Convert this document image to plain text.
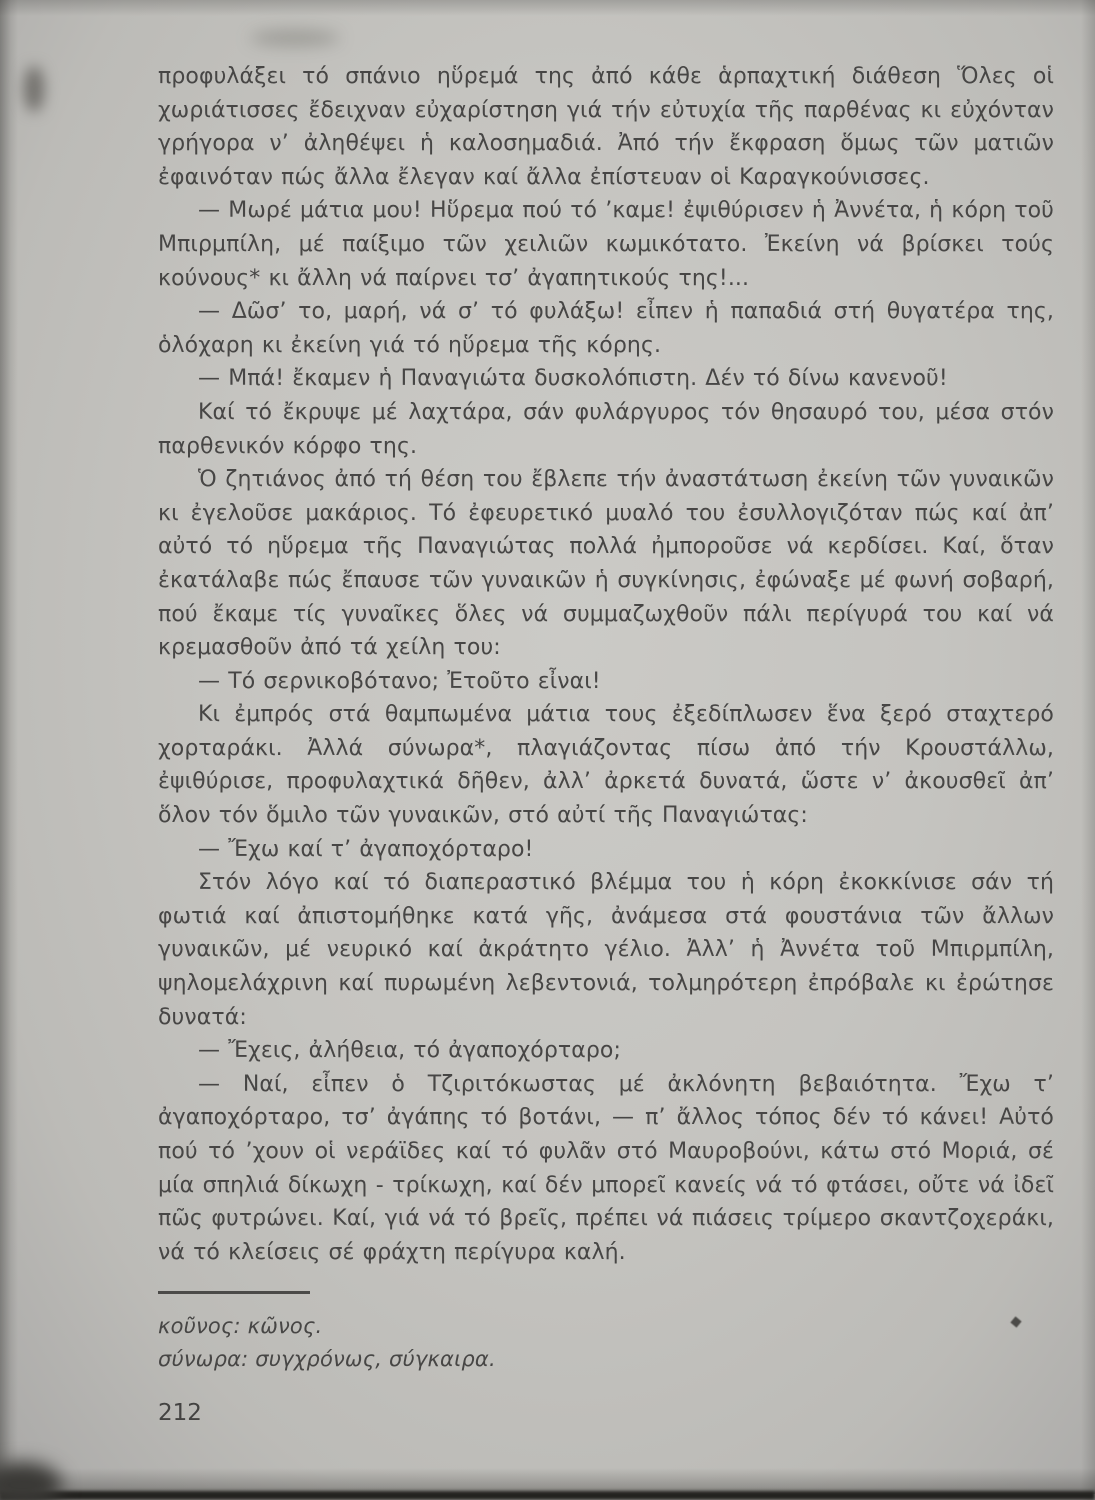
προφυλάξει τό σπάνιο ηὕρεμά της ἀπό κάθε ἁρπαχτική διάθεση Ὅλες οἱ χωριάτισσες ἔδειχναν εὐχαρίστηση γιά τήν εὐτυχία τῆς παρθένας κι εὐχόνταν γρήγορα ν’ ἀληθέψει ἡ καλοσημαδιά. Ἀπό τήν ἔκφραση ὅμως τῶν ματιῶν ἐφαινόταν πώς ἄλλα ἔλεγαν καί ἄλλα ἐπίστευαν οἱ Καραγκούνισσες.

— Μωρέ μάτια μου! Ηὕρεμα πού τό ’καμε! ἐψιθύρισεν ἡ Ἀννέτα, ἡ κόρη τοῦ Μπιρμπίλη, μέ παίξιμο τῶν χειλιῶν κωμικότατο. Ἐκείνη νά βρίσκει τούς κούνους* κι ἄλλη νά παίρνει τσ’ ἀγαπητικούς της!...

— Δῶσ’ το, μαρή, νά σ’ τό φυλάξω! εἶπεν ἡ παπαδιά στή θυγατέρα της, ὁλόχαρη κι ἐκείνη γιά τό ηὕρεμα τῆς κόρης.

— Μπά! ἔκαμεν ἡ Παναγιώτα δυσκολόπιστη. Δέν τό δίνω κανενοῦ!

Καί τό ἔκρυψε μέ λαχτάρα, σάν φυλάργυρος τόν θησαυρό του, μέσα στόν παρθενικόν κόρφο της.

Ὁ ζητιάνος ἀπό τή θέση του ἔβλεπε τήν ἀναστάτωση ἐκείνη τῶν γυναικῶν κι ἐγελοῦσε μακάριος. Τό ἐφευρετικό μυαλό του ἐσυλλογιζόταν πώς καί ἀπ’ αὐτό τό ηὕρεμα τῆς Παναγιώτας πολλά ἠμποροῦσε νά κερδίσει. Καί, ὅταν ἐκατάλαβε πώς ἔπαυσε τῶν γυναικῶν ἡ συγκίνησις, ἐφώναξε μέ φωνή σοβαρή, πού ἔκαμε τίς γυναῖκες ὅλες νά συμμαζωχθοῦν πάλι περίγυρά του καί νά κρεμασθοῦν ἀπό τά χείλη του:

— Τό σερνικοβότανο; Ἐτοῦτο εἶναι!

Κι ἐμπρός στά θαμπωμένα μάτια τους ἐξεδίπλωσεν ἕνα ξερό σταχτερό χορταράκι. Ἀλλά σύνωρα*, πλαγιάζοντας πίσω ἀπό τήν Κρουστάλλω, ἐψιθύρισε, προφυλαχτικά δῆθεν, ἀλλ’ ἀρκετά δυνατά, ὥστε ν’ ἀκουσθεῖ ἀπ’ ὅλον τόν ὅμιλο τῶν γυναικῶν, στό αὐτί τῆς Παναγιώτας:

— Ἔχω καί τ’ ἀγαποχόρταρο!

Στόν λόγο καί τό διαπεραστικό βλέμμα του ἡ κόρη ἐκοκκίνισε σάν τή φωτιά καί ἀπιστομήθηκε κατά γῆς, ἀνάμεσα στά φουστάνια τῶν ἄλλων γυναικῶν, μέ νευρικό καί ἀκράτητο γέλιο. Ἀλλ’ ἡ Ἀννέτα τοῦ Μπιρμπίλη, ψηλομελάχρινη καί πυρωμένη λεβεντονιά, τολμηρότερη ἐπρόβαλε κι ἐρώτησε δυνατά:

— Ἔχεις, ἀλήθεια, τό ἀγαποχόρταρο;

— Ναί, εἶπεν ὁ Τζιριτόκωστας μέ ἀκλόνητη βεβαιότητα. Ἔχω τ’ ἀγαποχόρταρο, τσ’ ἀγάπης τό βοτάνι, — π’ ἄλλος τόπος δέν τό κάνει! Αὐτό πού τό ’χουν οἱ νεράϊδες καί τό φυλᾶν στό Μαυροβούνι, κάτω στό Μοριά, σέ μία σπηλιά δίκωχη - τρίκωχη, καί δέν μπορεῖ κανείς νά τό φτάσει, οὔτε νά ἰδεῖ πῶς φυτρώνει. Καί, γιά νά τό βρεῖς, πρέπει νά πιάσεις τρίμερο σκαντζοχεράκι, νά τό κλείσεις σέ φράχτη περίγυρα καλή.

κοῦνος: κῶνος.

σύνωρα: συγχρόνως, σύγκαιρα.

212
